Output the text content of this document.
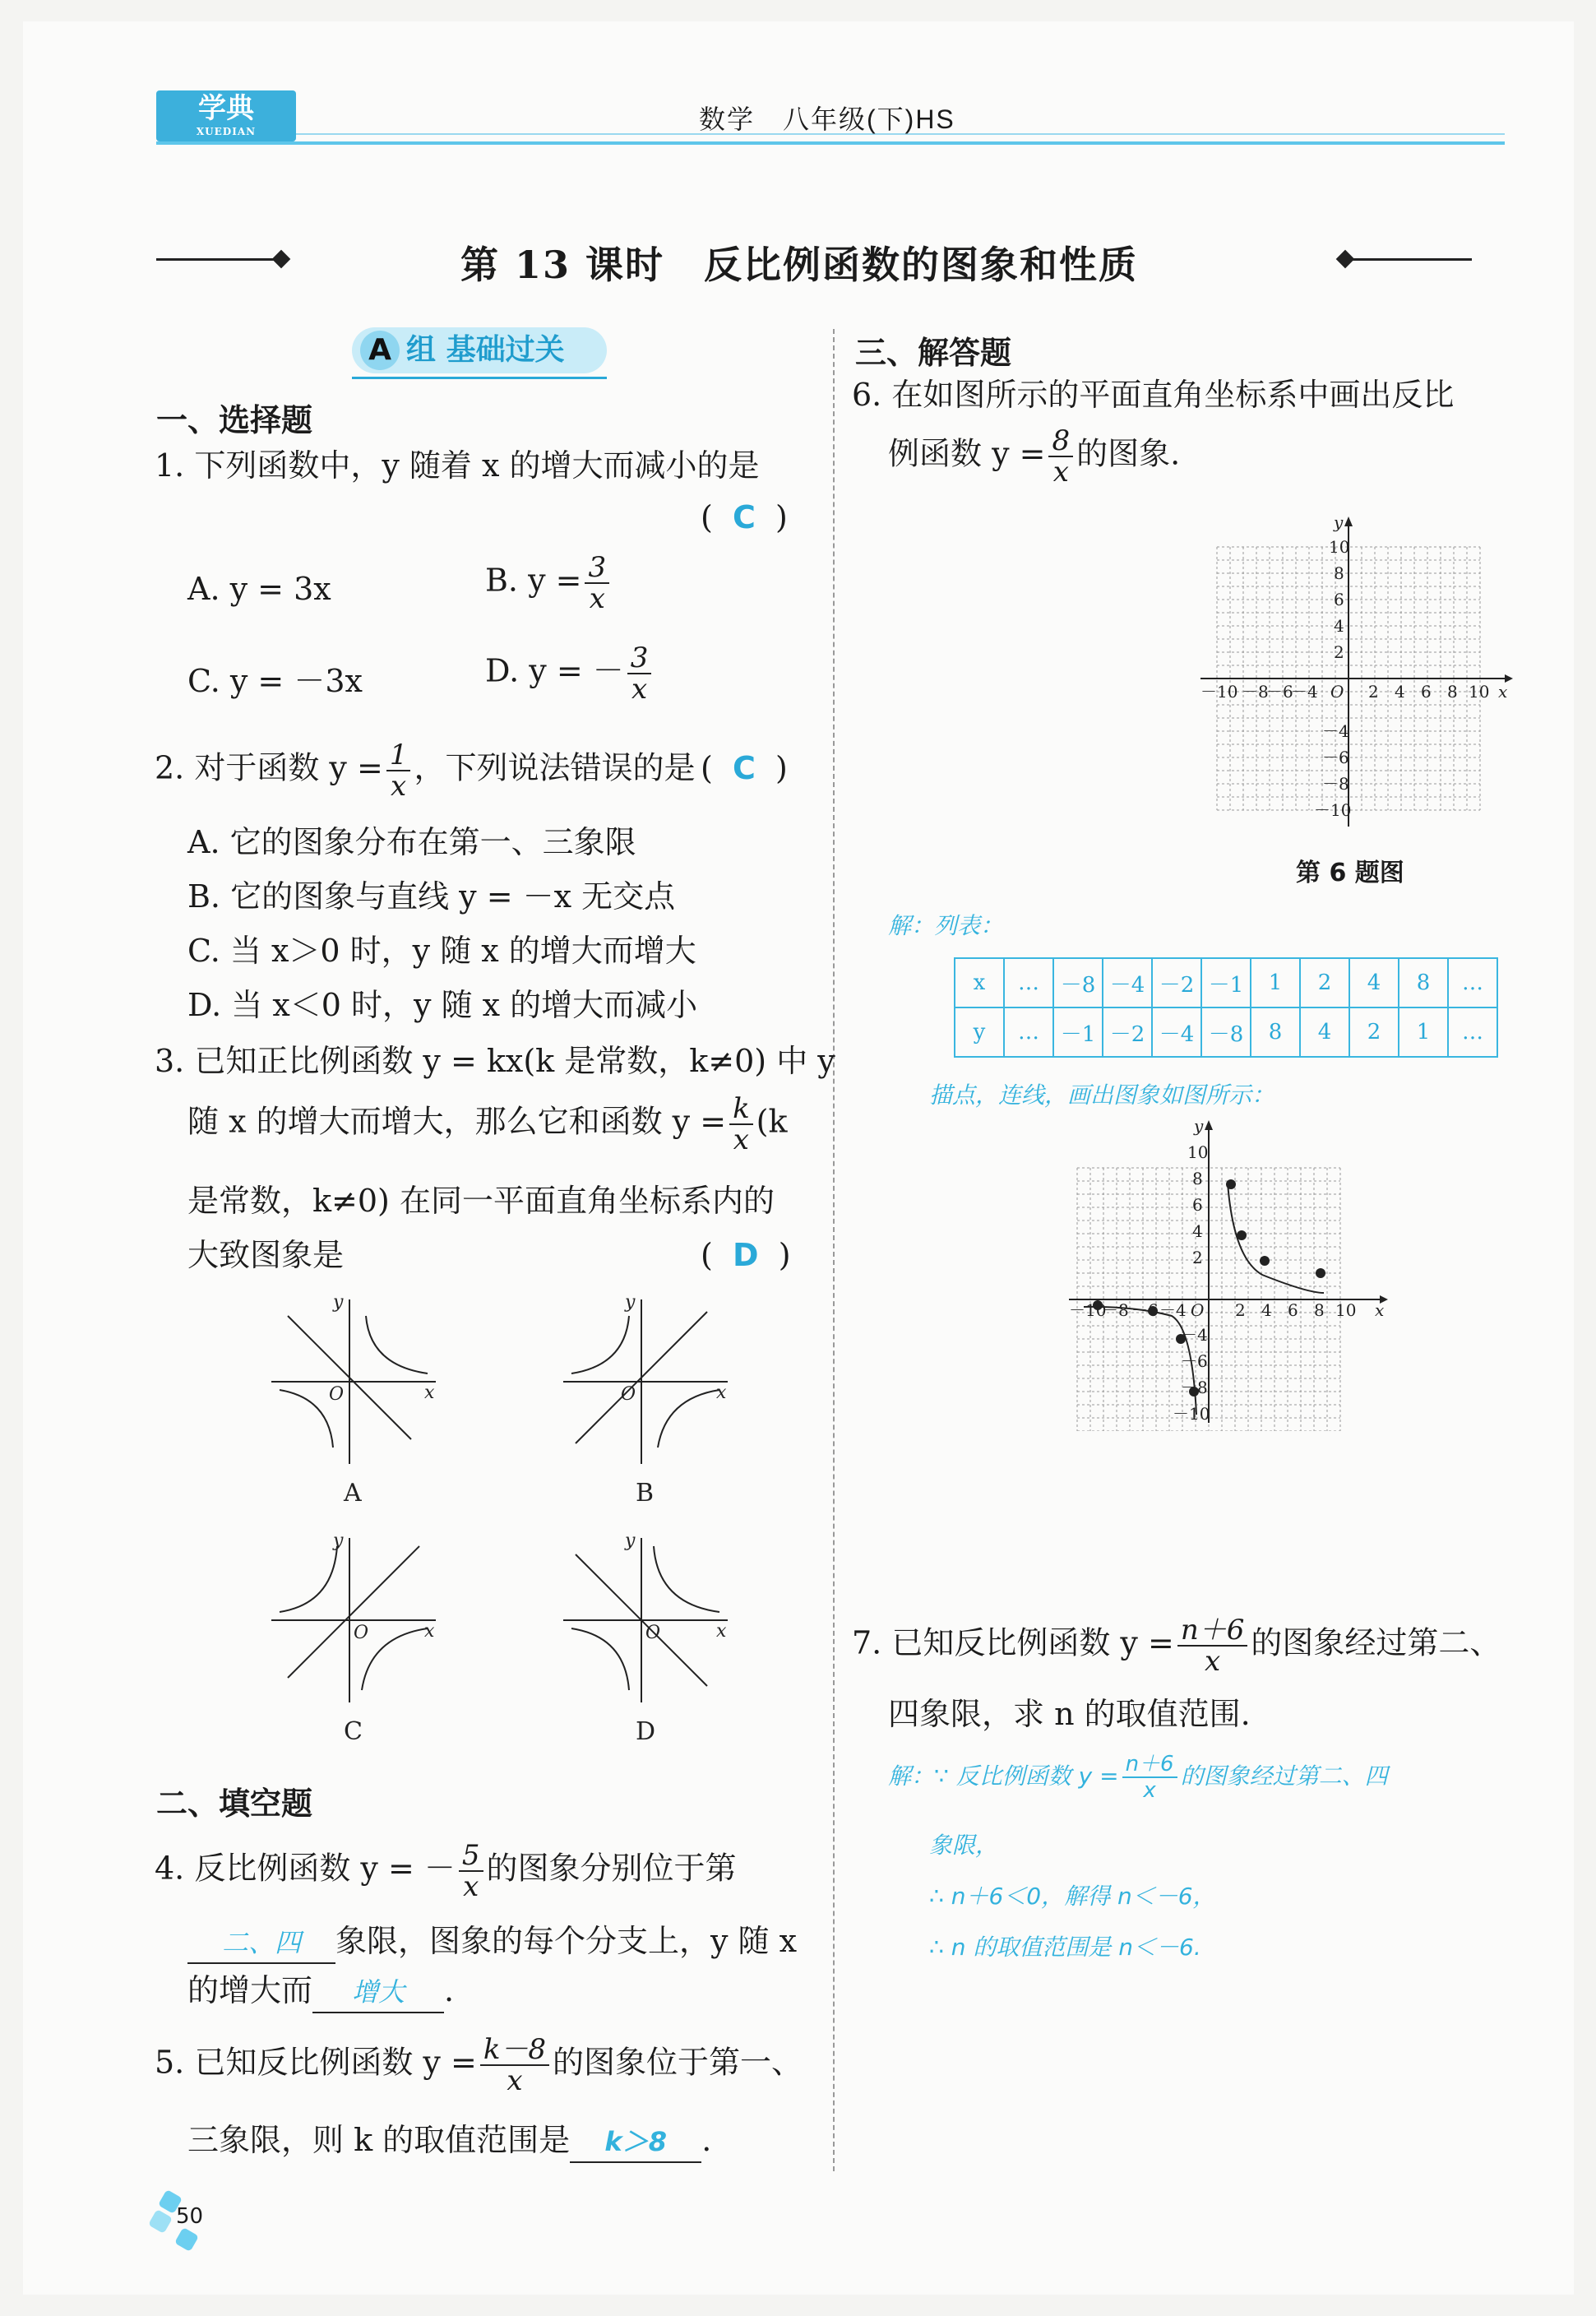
学典
XUEDIAN	数学　八年级(下)HS
第 13 课时　反比例函数的图象和性质
A 组 基础过关
一、选择题
1. 下列函数中，y 随着 x 的增大而减小的是
(  C  )
A. y = 3x	B. $y = \frac{3}{x}$
C. y = －3x	D. y = － $\frac{3}{x}$
2. 对于函数 $y = \frac{1}{x}$ ，下列说法错误的是 (  C  )
A. 它的图象分布在第一、三象限
B. 它的图象与直线 y = －x 无交点
C. 当 x＞0 时，y 随 x 的增大而增大
D. 当 x＜0 时，y 随 x 的增大而减小
3. 已知正比例函数 y = kx(k 是常数，k≠0) 中 y
随 x 的增大而增大，那么它和函数 $y = \frac{k}{x} (k$
是常数，k≠0) 在同一平面直角坐标系内的
大致图象是	(  D  )
y
x
O
y
x
O
y
x
O
y
x
O
A	B
C	D
二、填空题
4. 反比例函数 y = － $\frac{5}{x}$ 的图象分别位于第
二、四 象限，图象的每个分支上，y 随 x
的增大而 增大 .
5. 已知反比例函数 $y = \frac{k-8}{x}$ 的图象位于第一、
三象限，则 k 的取值范围是 k＞8 .
50
三、解答题
6. 在如图所示的平面直角坐标系中画出反比
例函数 $y = \frac{8}{x}$ 的图象.
y
O	x
－10 －8
－6
－4	2 4 6 8 10
10
8
6
4
2
－4
－6
－8
－10
第 6 题图
解：列表：
x	…	－8	－4	－2	－1	1	2	4	8	…
y	…	－1	－2	－4	－8	8	4	2	1	…
描点，连线，画出图象如图所示：
y
O	x
－10
－8 －6 －4	2 4 6 8 10
10
8
6
4
2
－4
－6
－8
－10
7. 已知反比例函数 $y = \frac{n+6}{x}$ 的图象经过第二、
四象限，求 n 的取值范围.
解：∵ 反比例函数 $y = \frac{n+6}{x}$ 的图象经过第二、四
象限，
∴ n＋6＜0，解得 n＜－6，
∴ n 的取值范围是 n＜－6.
